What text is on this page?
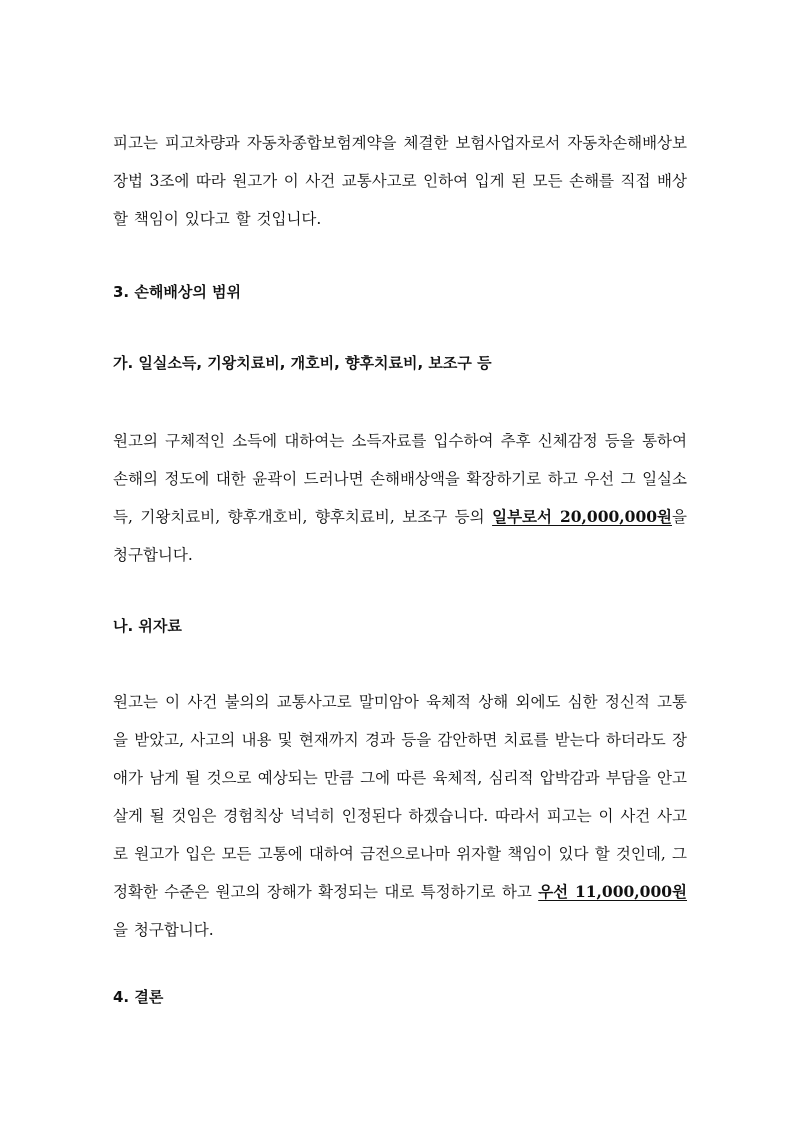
피고는 피고차량과 자동차종합보험계약을 체결한 보험사업자로서 자동차손해배상보장법 3조에 따라 원고가 이 사건 교통사고로 인하여 입게 된 모든 손해를 직접 배상할 책임이 있다고 할 것입니다.

3. 손해배상의 범위
가. 일실소득, 기왕치료비, 개호비, 향후치료비, 보조구 등

원고의 구체적인 소득에 대하여는 소득자료를 입수하여 추후 신체감정 등을 통하여 손해의 정도에 대한 윤곽이 드러나면 손해배상액을 확장하기로 하고 우선 그 일실소득, 기왕치료비, 향후개호비, 향후치료비, 보조구 등의 일부로서 20,000,000원을 청구합니다.

나. 위자료

원고는 이 사건 불의의 교통사고로 말미암아 육체적 상해 외에도 심한 정신적 고통을 받았고, 사고의 내용 및 현재까지 경과 등을 감안하면 치료를 받는다 하더라도 장애가 남게 될 것으로 예상되는 만큼 그에 따른 육체적, 심리적 압박감과 부담을 안고 살게 될 것임은 경험칙상 넉넉히 인정된다 하겠습니다. 따라서 피고는 이 사건 사고로 원고가 입은 모든 고통에 대하여 금전으로나마 위자할 책임이 있다 할 것인데, 그 정확한 수준은 원고의 장해가 확정되는 대로 특정하기로 하고 우선 11,000,000원을 청구합니다.

4. 결론
